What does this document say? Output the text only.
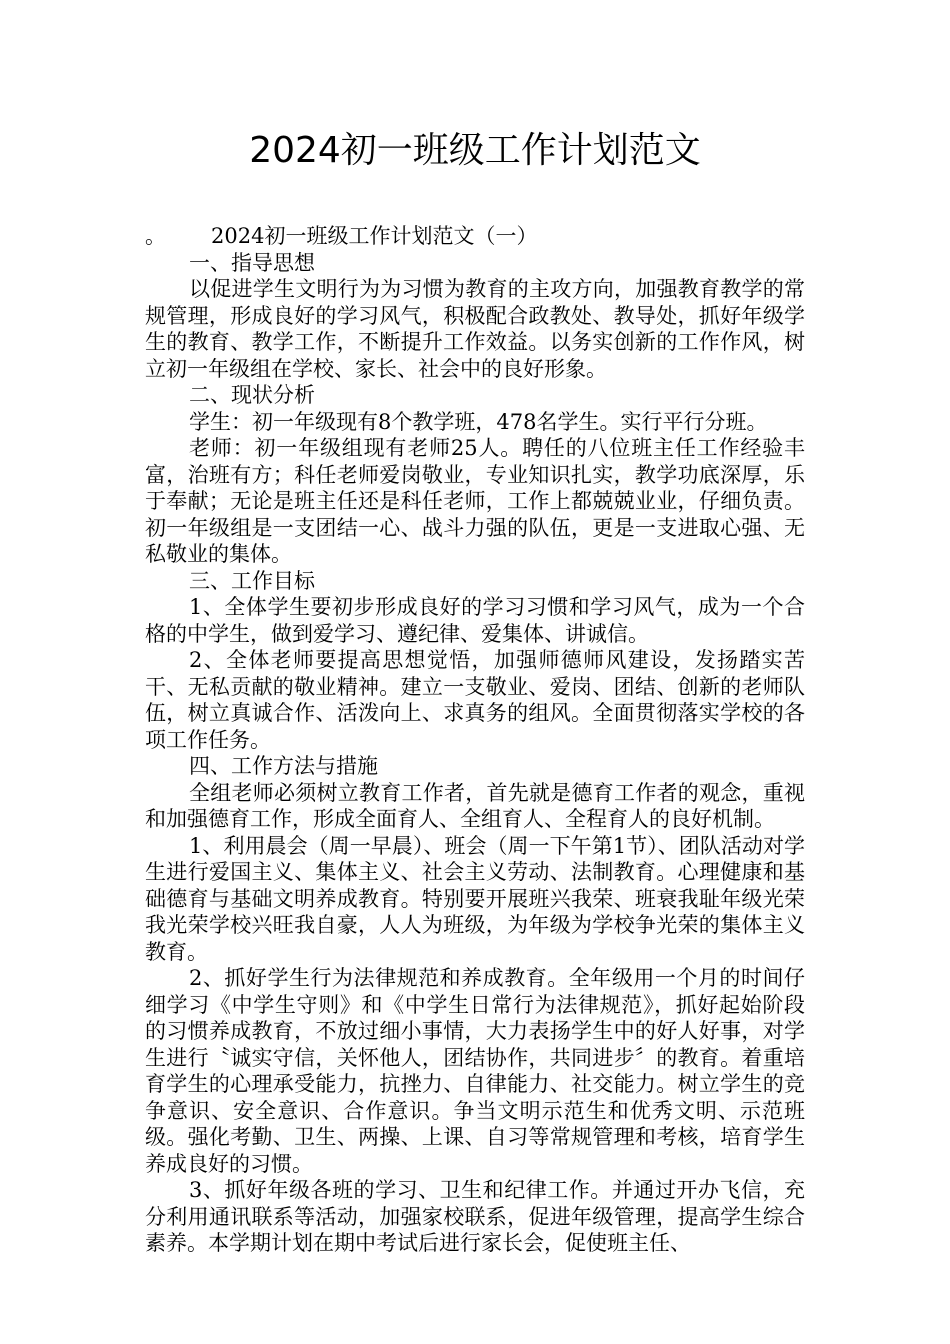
2024初一班级工作计划范文

。 2024初一班级工作计划范文（一）

一、指导思想

以促进学生文明行为为习惯为教育的主攻方向，加强教育教学的常规管理，形成良好的学习风气，积极配合政教处、教导处，抓好年级学生的教育、教学工作，不断提升工作效益。以务实创新的工作作风，树立初一年级组在学校、家长、社会中的良好形象。

二、现状分析

学生：初一年级现有8个教学班，478名学生。实行平行分班。

老师：初一年级组现有老师25人。聘任的八位班主任工作经验丰富，治班有方；科任老师爱岗敬业，专业知识扎实，教学功底深厚，乐于奉献；无论是班主任还是科任老师，工作上都兢兢业业，仔细负责。初一年级组是一支团结一心、战斗力强的队伍，更是一支进取心强、无私敬业的集体。

三、工作目标

1、全体学生要初步形成良好的学习习惯和学习风气，成为一个合格的中学生，做到爱学习、遵纪律、爱集体、讲诚信。

2、全体老师要提高思想觉悟，加强师德师风建设，发扬踏实苦干、无私贡献的敬业精神。建立一支敬业、爱岗、团结、创新的老师队伍，树立真诚合作、活泼向上、求真务的组风。全面贯彻落实学校的各项工作任务。

四、工作方法与措施

全组老师必须树立教育工作者，首先就是德育工作者的观念，重视和加强德育工作，形成全面育人、全组育人、全程育人的良好机制。

1、利用晨会（周一早晨）、班会（周一下午第1节）、团队活动对学生进行爱国主义、集体主义、社会主义劳动、法制教育。心理健康和基础德育与基础文明养成教育。特别要开展班兴我荣、班衰我耻年级光荣我光荣学校兴旺我自豪，人人为班级，为年级为学校争光荣的集体主义教育。

2、抓好学生行为法律规范和养成教育。全年级用一个月的时间仔细学习《中学生守则》和《中学生日常行为法律规范》，抓好起始阶段的习惯养成教育，不放过细小事情，大力表扬学生中的好人好事，对学生进行〝诚实守信，关怀他人，团结协作，共同进步〞的教育。着重培育学生的心理承受能力，抗挫力、自律能力、社交能力。树立学生的竞争意识、安全意识、合作意识。争当文明示范生和优秀文明、示范班级。强化考勤、卫生、两操、上课、自习等常规管理和考核，培育学生养成良好的习惯。

3、抓好年级各班的学习、卫生和纪律工作。并通过开办飞信，充分利用通讯联系等活动，加强家校联系，促进年级管理，提高学生综合素养。本学期计划在期中考试后进行家长会，促使班主任、
